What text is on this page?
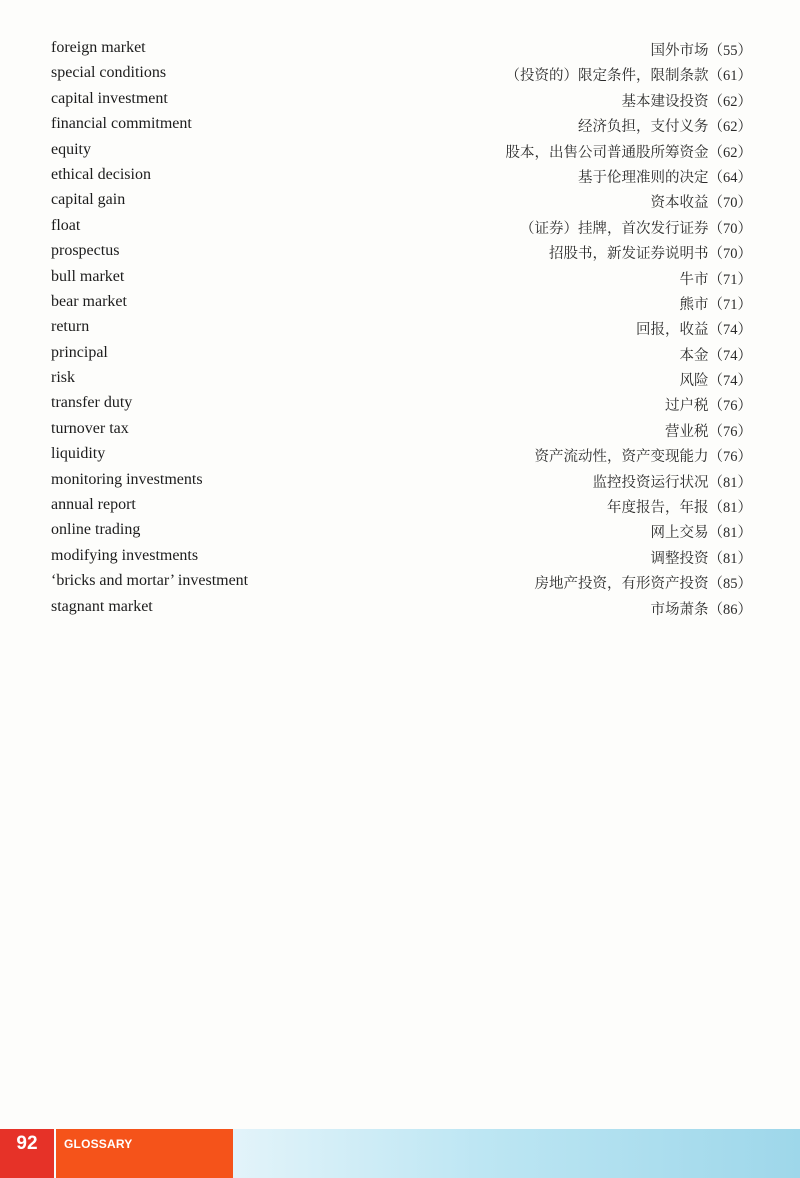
foreign market	国外市场（55）
special conditions	（投资的）限定条件，限制条款（61）
capital investment	基本建设投资（62）
financial commitment	经济负担，支付义务（62）
equity	股本，出售公司普通股所筹资金（62）
ethical decision	基于伦理准则的决定（64）
capital gain	资本收益（70）
float	（证券）挂牌，首次发行证券（70）
prospectus	招股书，新发证券说明书（70）
bull market	牛市（71）
bear market	熊市（71）
return	回报，收益（74）
principal	本金（74）
risk	风险（74）
transfer duty	过户税（76）
turnover tax	营业税（76）
liquidity	资产流动性，资产变现能力（76）
monitoring investments	监控投资运行状况（81）
annual report	年度报告，年报（81）
online trading	网上交易（81）
modifying investments	调整投资（81）
‘bricks and mortar’ investment	房地产投资，有形资产投资（85）
stagnant market	市场萧条（86）
92	GLOSSARY
